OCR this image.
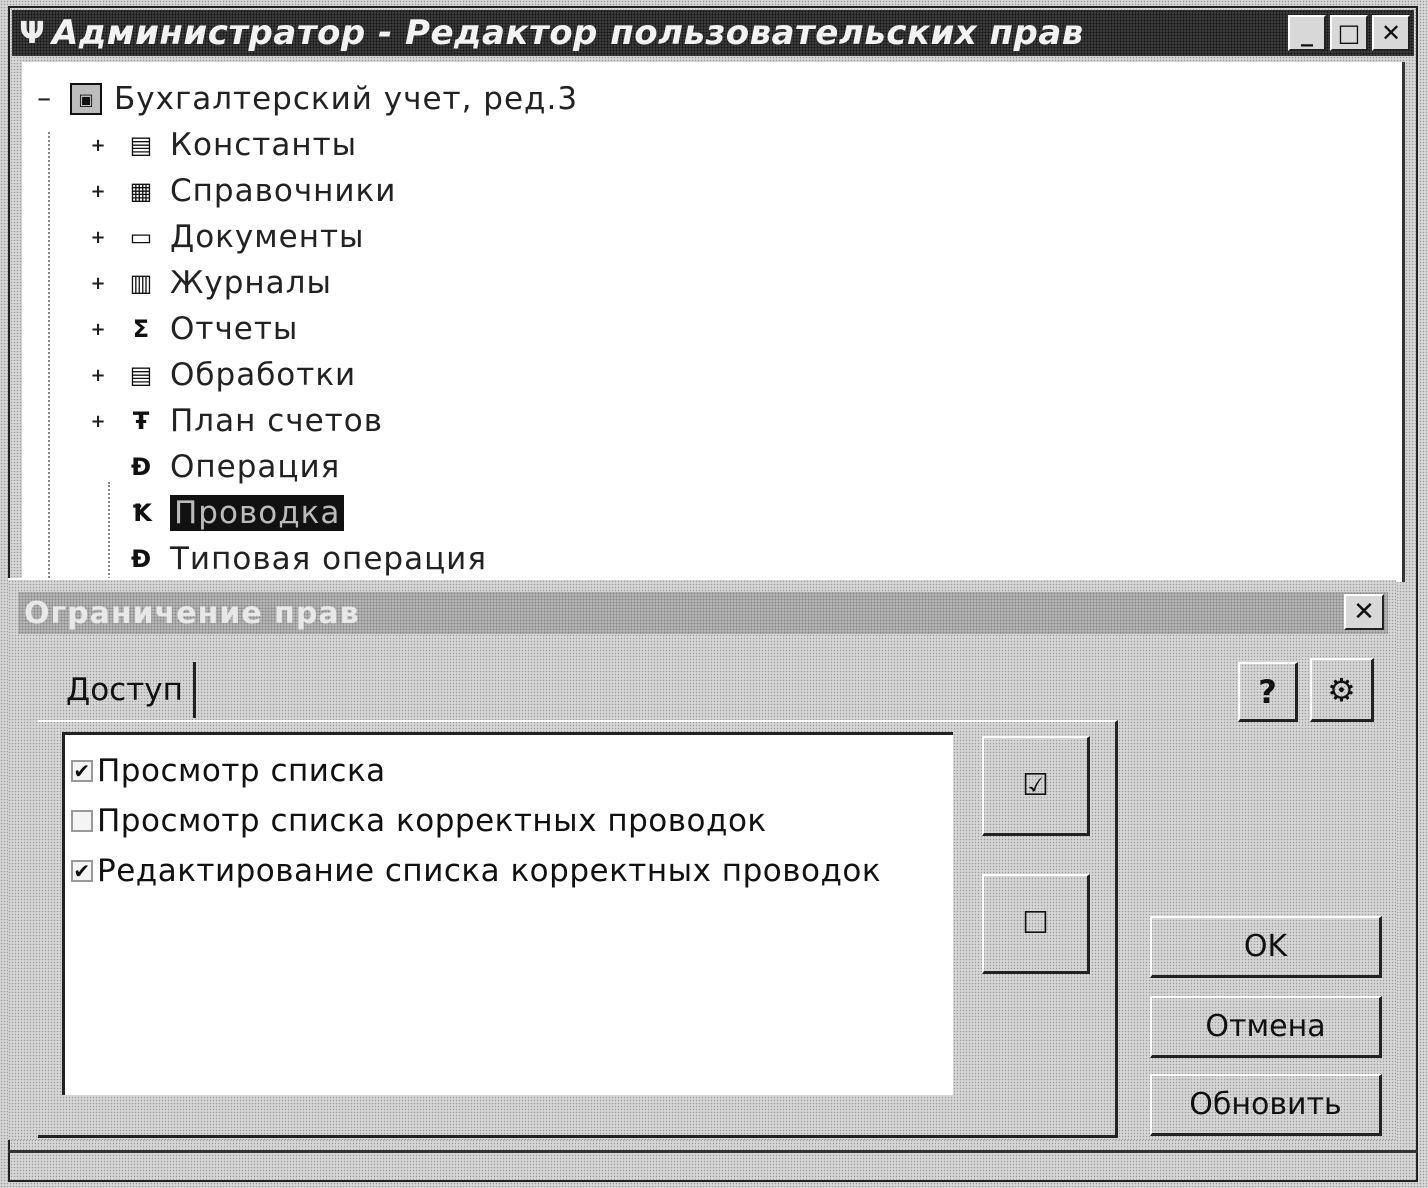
Ψ Администратор - Редактор пользовательских прав	_	□ ✕
−	▣ Бухгалтерский учет, ред.3
+ ▤ Константы
+ ▦ Справочники
+ ▭ Документы
+ ▥ Журналы
+	Σ Отчеты
+ ▤ Обработки
+	Ŧ План счетов
Ɖ Операция
Ꝁ Проводка
Ɖ Типовая операция
Ограничение прав	✕
Доступ	? ⚙
✔ Просмотр списка
Просмотр списка корректных проводок
✔ Редактирование списка корректных проводок
☑
☐
OK
Отмена
Обновить
